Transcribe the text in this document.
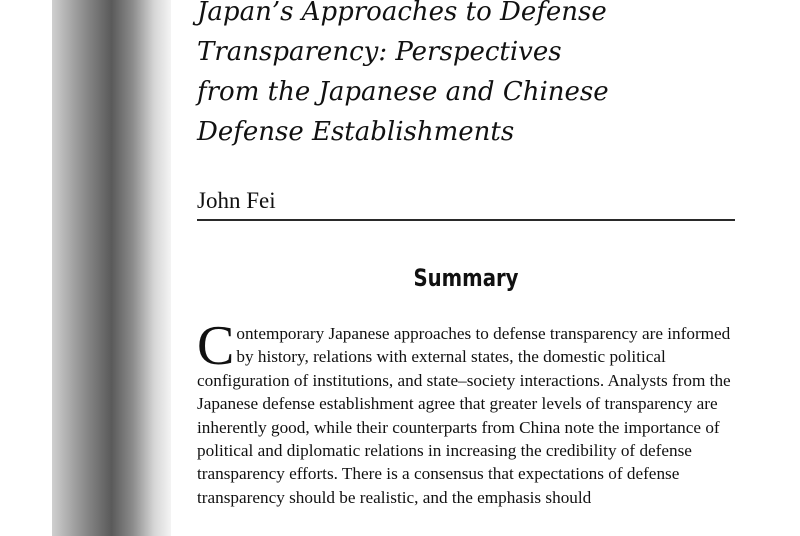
Japan’s Approaches to Defense
Transparency: Perspectives
from the Japanese and Chinese
Defense Establishments

John Fei

Summary

Contemporary Japanese approaches to defense transparency are informed by history, relations with external states, the domestic political configuration of institutions, and state–society interactions. Analysts from the Japanese defense establishment agree that greater levels of transparency are inherently good, while their counterparts from China note the importance of political and diplomatic relations in increasing the credibility of defense transparency efforts. There is a consensus that expectations of defense transparency should be realistic, and the emphasis should
